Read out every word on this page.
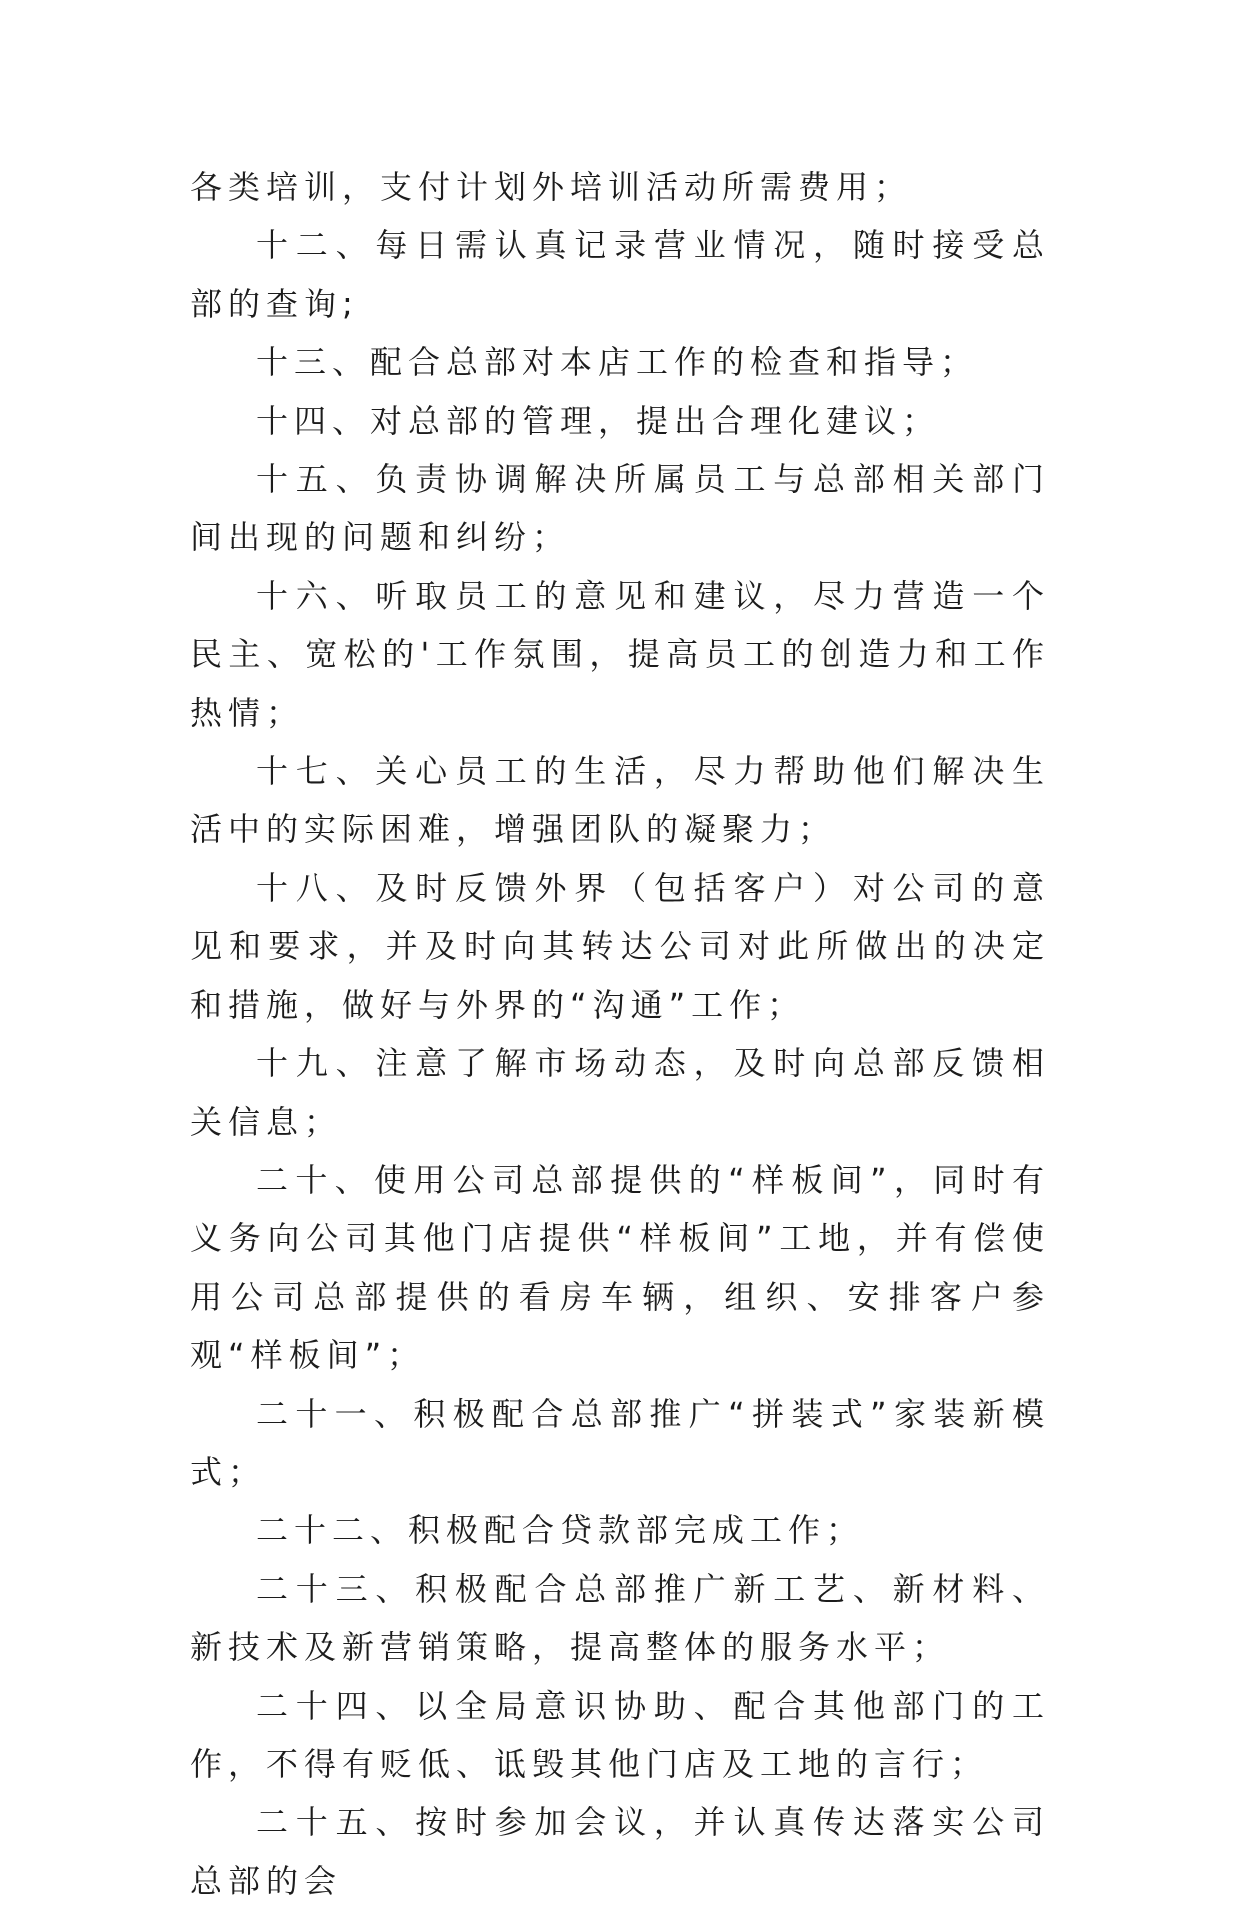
各类培训，支付计划外培训活动所需费用；

十二、每日需认真记录营业情况，随时接受总部的查询;

十三、配合总部对本店工作的检查和指导；

十四、对总部的管理，提出合理化建议；

十五、负责协调解决所属员工与总部相关部门间出现的问题和纠纷；

十六、听取员工的意见和建议，尽力营造一个民主、宽松的'工作氛围，提高员工的创造力和工作热情；

十七、关心员工的生活，尽力帮助他们解决生活中的实际困难，增强团队的凝聚力；

十八、及时反馈外界（包括客户）对公司的意见和要求，并及时向其转达公司对此所做出的决定和措施，做好与外界的“沟通”工作；

十九、注意了解市场动态，及时向总部反馈相关信息；

二十、使用公司总部提供的“样板间”，同时有义务向公司其他门店提供“样板间”工地，并有偿使用公司总部提供的看房车辆，组织、安排客户参观“样板间”；

二十一、积极配合总部推广“拼装式”家装新模式；

二十二、积极配合贷款部完成工作；

二十三、积极配合总部推广新工艺、新材料、新技术及新营销策略，提高整体的服务水平；

二十四、以全局意识协助、配合其他部门的工作，不得有贬低、诋毁其他门店及工地的言行；

二十五、按时参加会议，并认真传达落实公司总部的会
